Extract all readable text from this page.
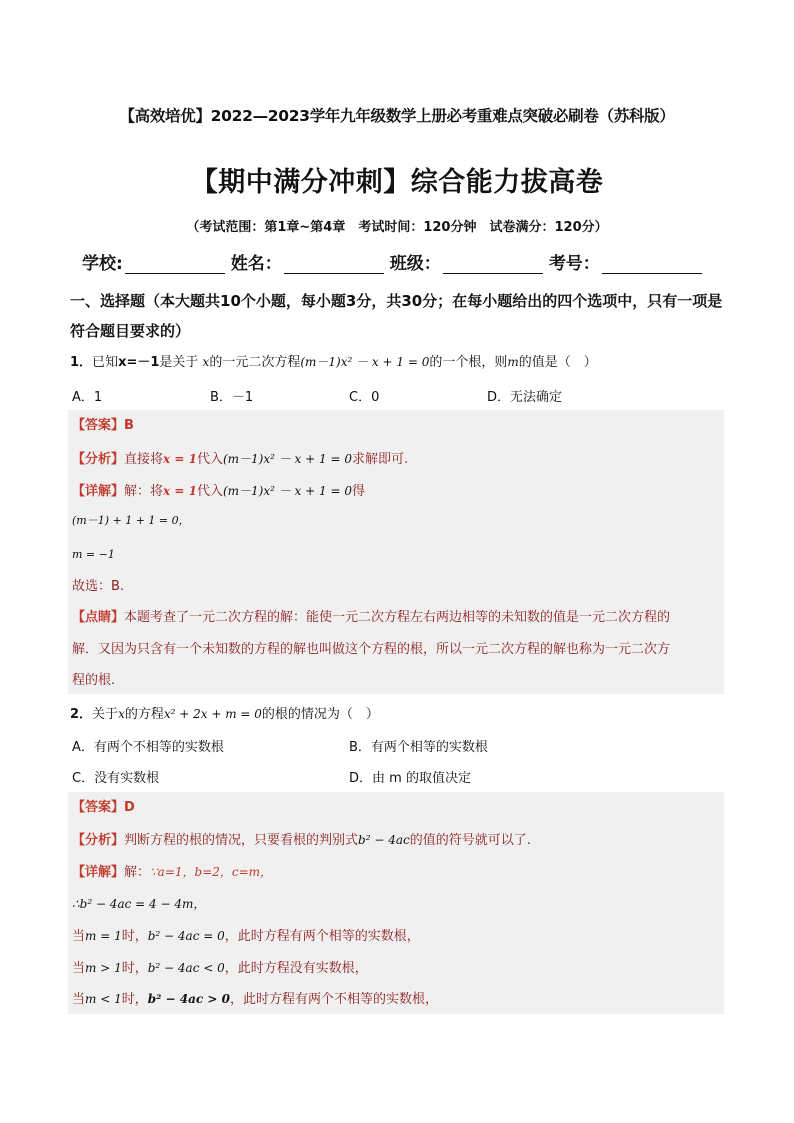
【高效培优】2022—2023学年九年级数学上册必考重难点突破必刷卷（苏科版）
【期中满分冲刺】综合能力拔高卷
（考试范围：第1章~第4章　考试时间：120分钟　试卷满分：120分）
学校:	姓名：	班级：	考号：
一、选择题（本大题共10个小题，每小题3分，共30分；在每小题给出的四个选项中，只有一项是符合题目要求的）
1．已知x=－1是关于 x的一元二次方程(m－1)x² － x + 1 = 0的一个根，则m的值是（　）
A．1	B．－1	C．0	D．无法确定
【答案】B
【分析】直接将x = 1代入(m－1)x² － x + 1 = 0求解即可.
【详解】解：将x = 1代入(m－1)x² － x + 1 = 0得
(m－1) + 1 + 1 = 0，
m = −1
故选：B.
【点睛】本题考查了一元二次方程的解：能使一元二次方程左右两边相等的未知数的值是一元二次方程的
解．又因为只含有一个未知数的方程的解也叫做这个方程的根，所以一元二次方程的解也称为一元二次方
程的根.
2．关于x的方程x² + 2x + m = 0的根的情况为（　）
A．有两个不相等的实数根	B．有两个相等的实数根
C．没有实数根	D．由 m 的取值决定
【答案】D
【分析】判断方程的根的情况，只要看根的判别式b² − 4ac的值的符号就可以了.
【详解】解：∵a=1，b=2，c=m，
∴b² − 4ac = 4 − 4m，
当m = 1时，b² − 4ac = 0，此时方程有两个相等的实数根，
当m > 1时，b² − 4ac < 0，此时方程没有实数根，
当m < 1时，b² − 4ac > 0，此时方程有两个不相等的实数根，
